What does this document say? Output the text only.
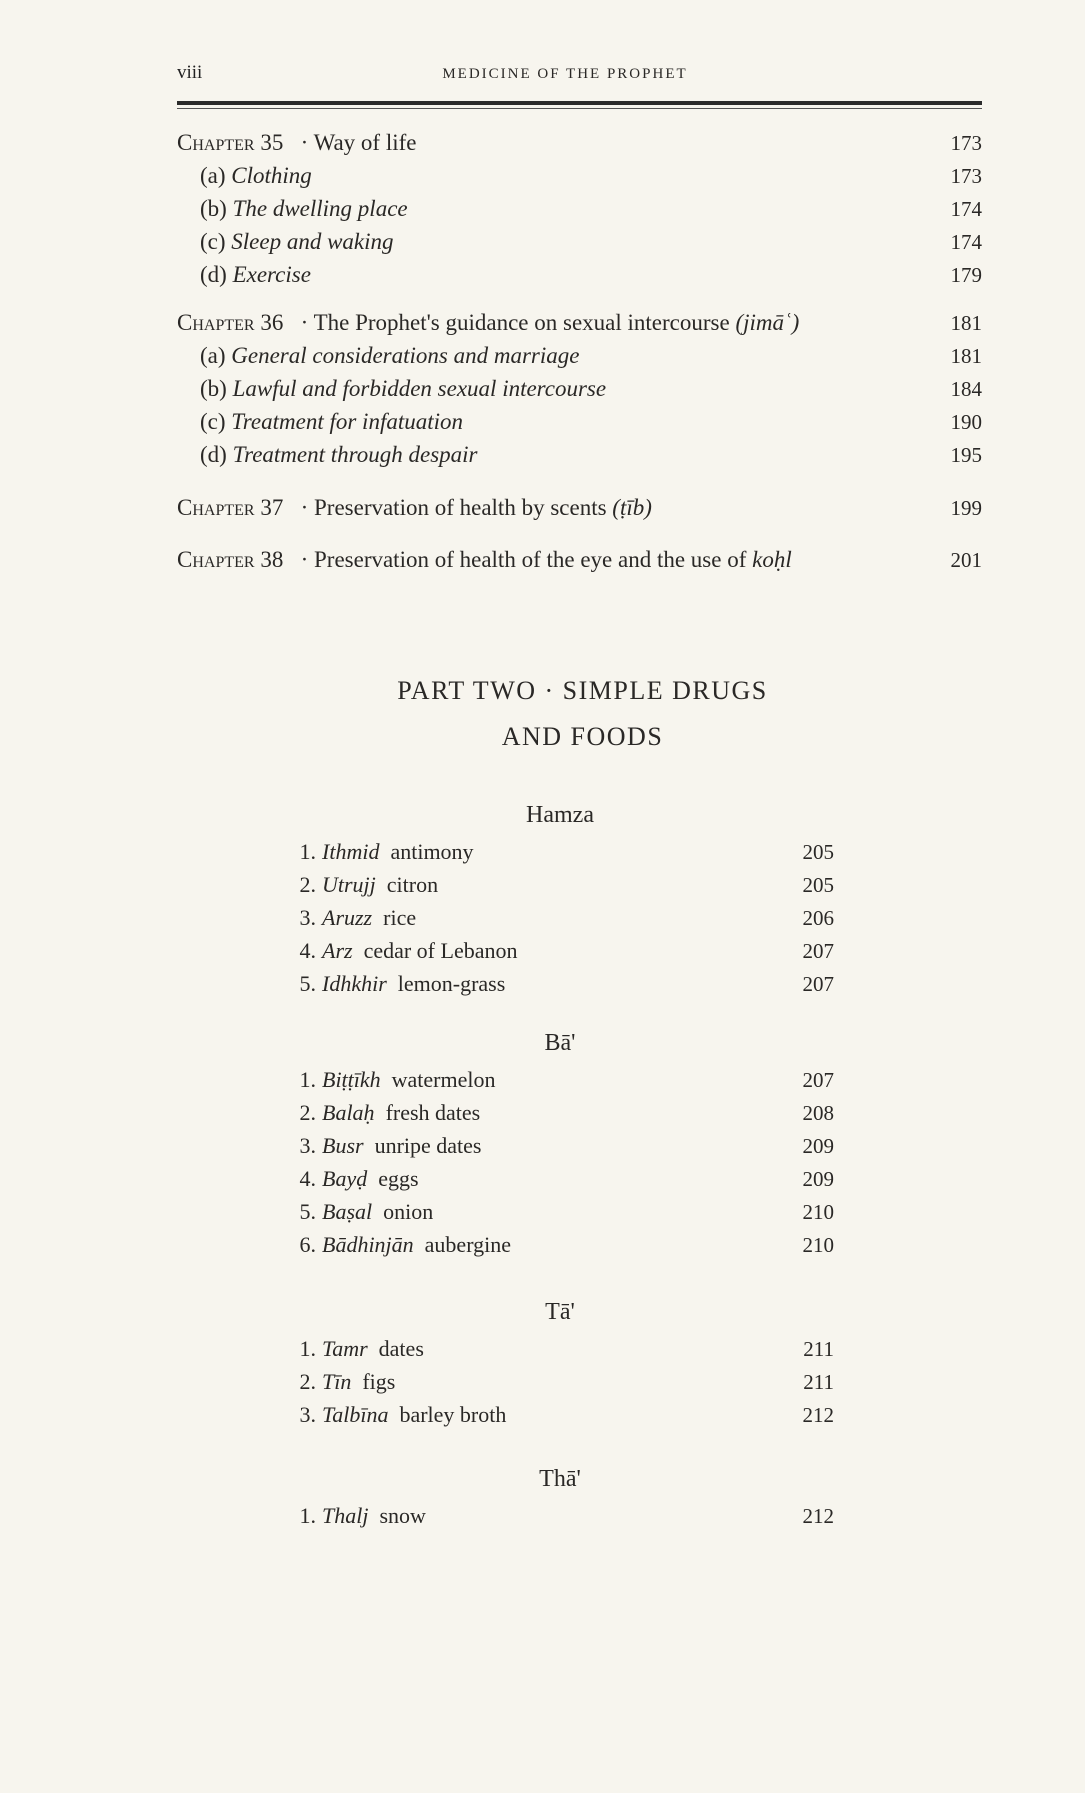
viii	MEDICINE OF THE PROPHET
Chapter 35   · Way of life	173
(a) Clothing	173
(b) The dwelling place	174
(c) Sleep and waking	174
(d) Exercise	179
Chapter 36   · The Prophet's guidance on sexual intercourse (jimāʿ)	181
(a) General considerations and marriage	181
(b) Lawful and forbidden sexual intercourse	184
(c) Treatment for infatuation	190
(d) Treatment through despair	195
Chapter 37   · Preservation of health by scents (ṭīb)	199
Chapter 38   · Preservation of health of the eye and the use of koḥl	201
PART TWO · SIMPLE DRUGS
AND FOODS
Hamza
1. Ithmid antimony	205
2. Utrujj citron	205
3. Aruzz rice	206
4. Arz cedar of Lebanon	207
5. Idhkhir lemon-grass	207
Bā'
1. Biṭṭīkh watermelon	207
2. Balaḥ fresh dates	208
3. Busr unripe dates	209
4. Bayḍ eggs	209
5. Baṣal onion	210
6. Bādhinjān aubergine	210
Tā'
1. Tamr dates	211
2. Tīn figs	211
3. Talbīna barley broth	212
Thā'
1. Thalj snow	212
